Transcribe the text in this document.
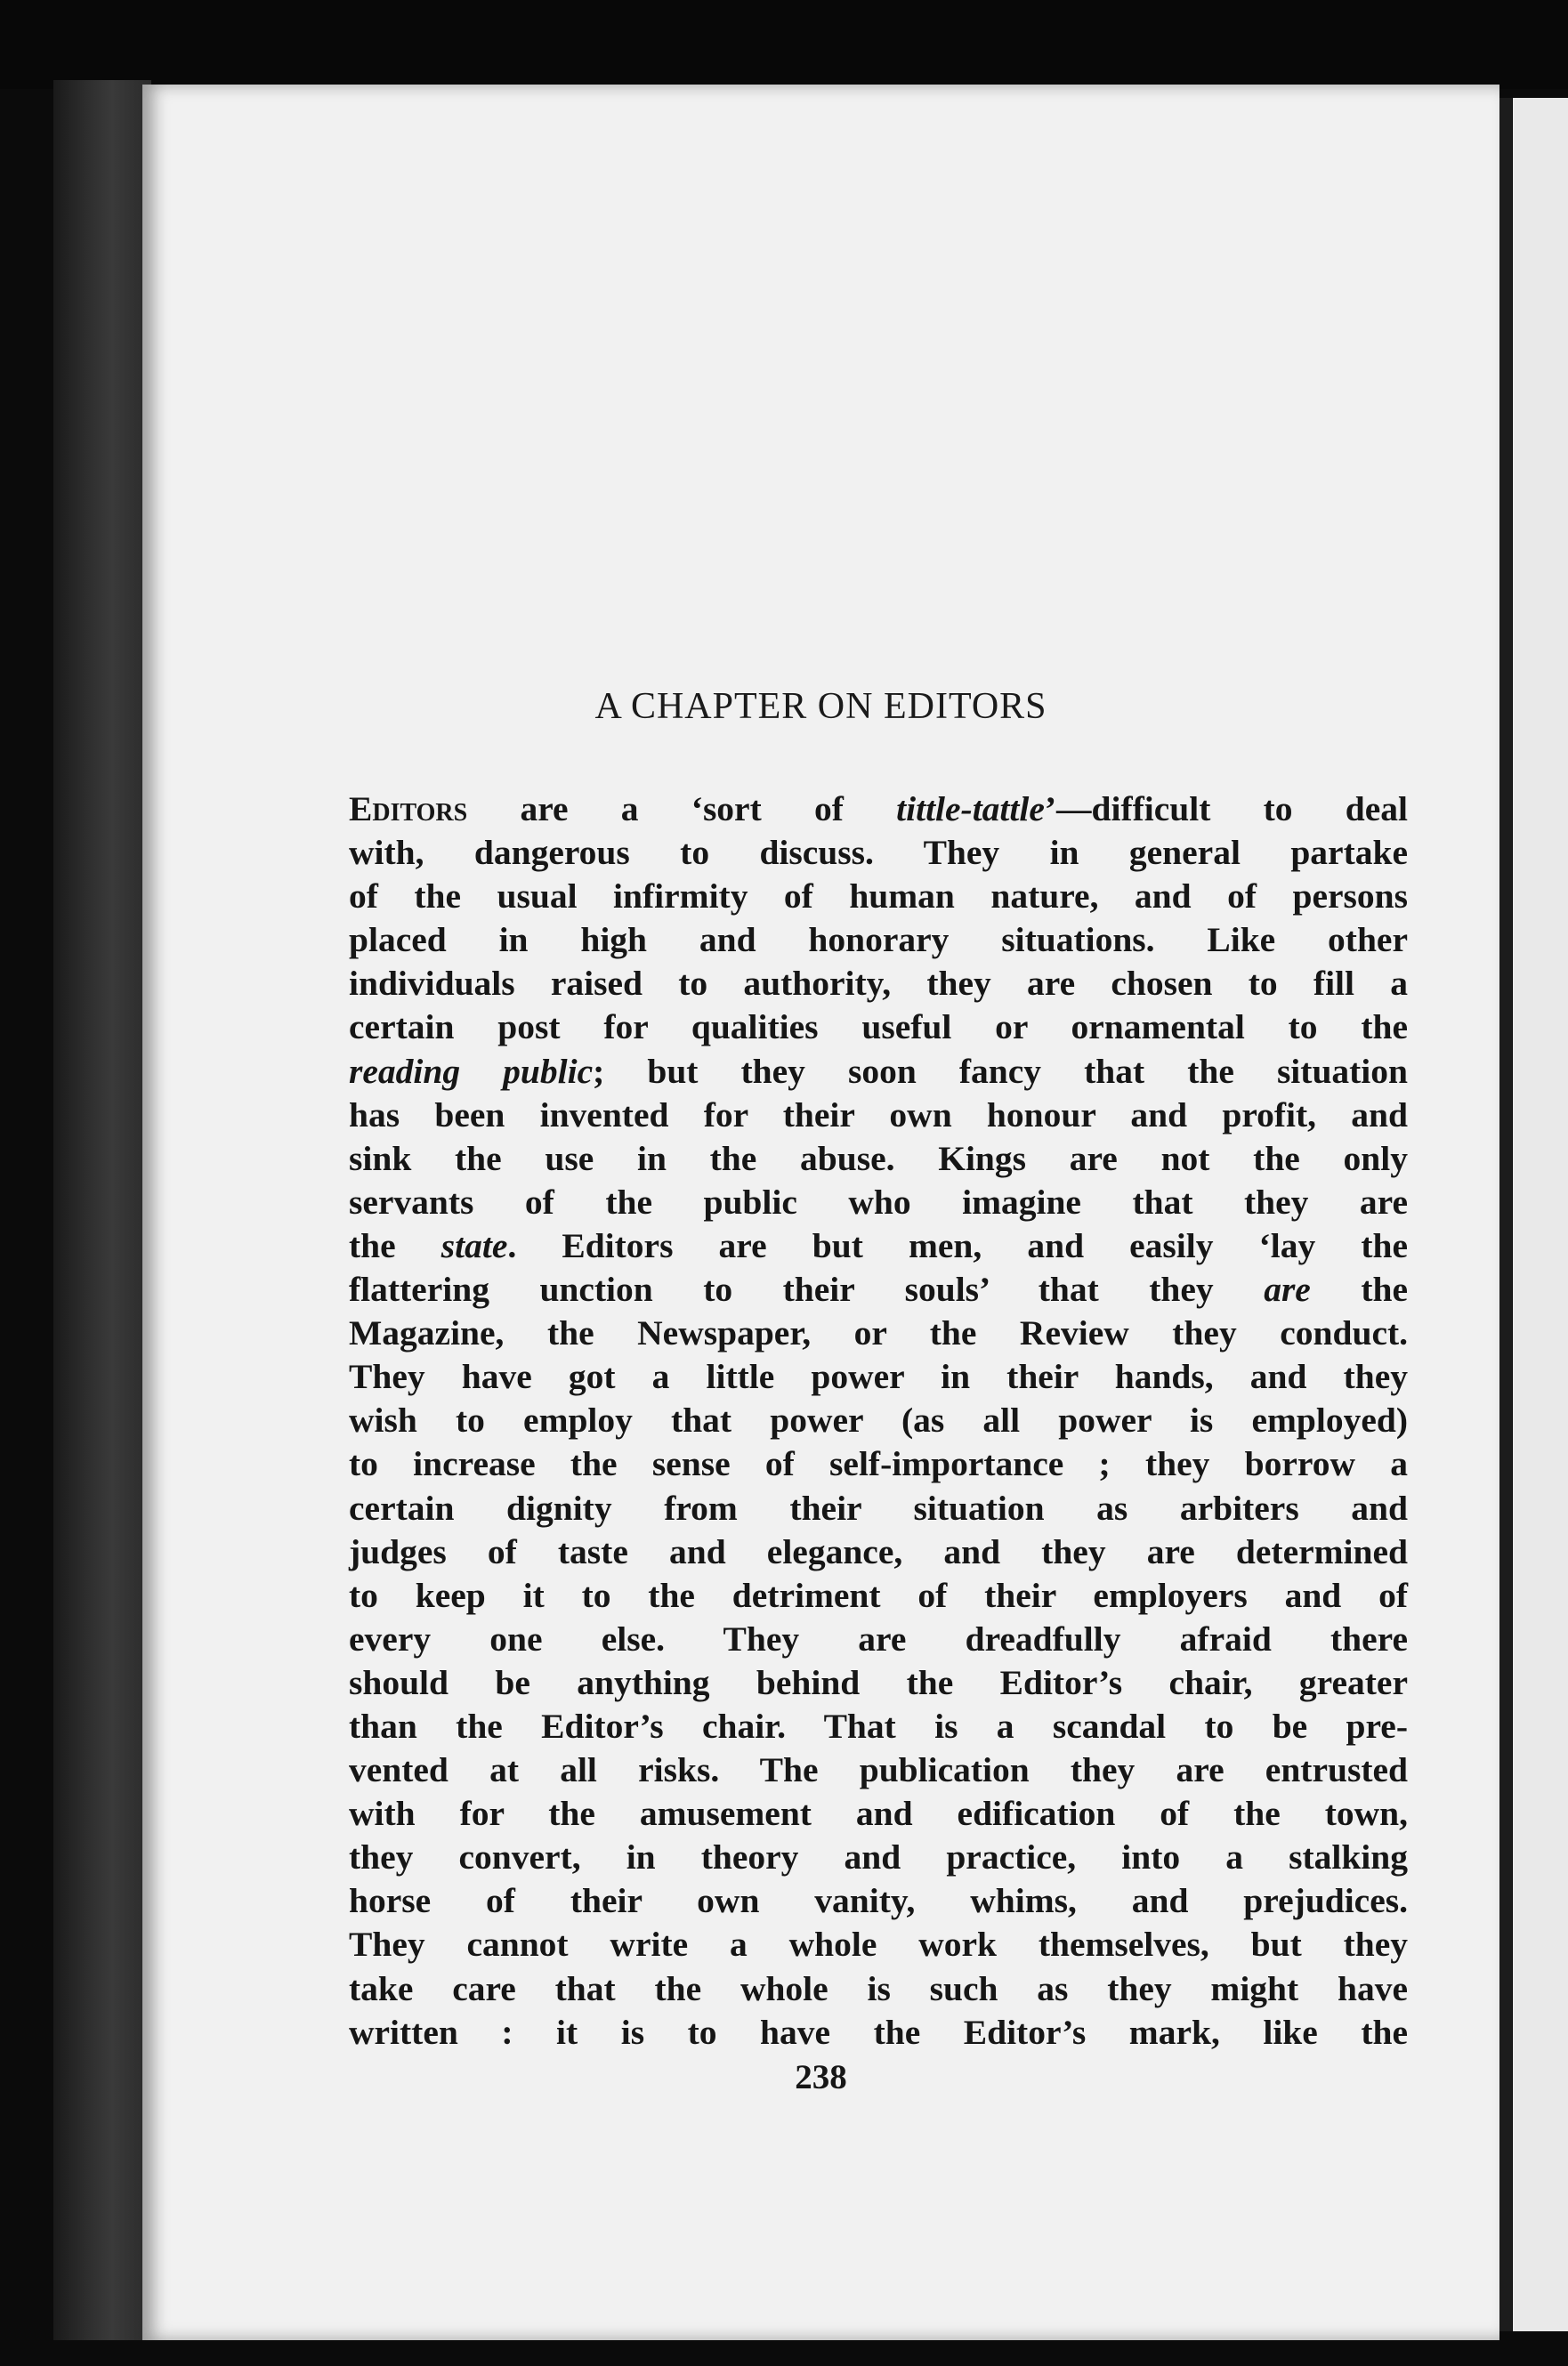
A CHAPTER ON EDITORS
Editors are a ‘sort of tittle-tattle’—difficult to deal
with, dangerous to discuss. They in general partake
of the usual infirmity of human nature, and of persons
placed in high and honorary situations. Like other
individuals raised to authority, they are chosen to fill a
certain post for qualities useful or ornamental to the
reading public; but they soon fancy that the situation
has been invented for their own honour and profit, and
sink the use in the abuse. Kings are not the only
servants of the public who imagine that they are
the state. Editors are but men, and easily ‘lay the
flattering unction to their souls’ that they are the
Magazine, the Newspaper, or the Review they conduct.
They have got a little power in their hands, and they
wish to employ that power (as all power is employed)
to increase the sense of self-importance ; they borrow a
certain dignity from their situation as arbiters and
judges of taste and elegance, and they are determined
to keep it to the detriment of their employers and of
every one else. They are dreadfully afraid there
should be anything behind the Editor’s chair, greater
than the Editor’s chair. That is a scandal to be pre-
vented at all risks. The publication they are entrusted
with for the amusement and edification of the town,
they convert, in theory and practice, into a stalking
horse of their own vanity, whims, and prejudices.
They cannot write a whole work themselves, but they
take care that the whole is such as they might have
written : it is to have the Editor’s mark, like the
238
